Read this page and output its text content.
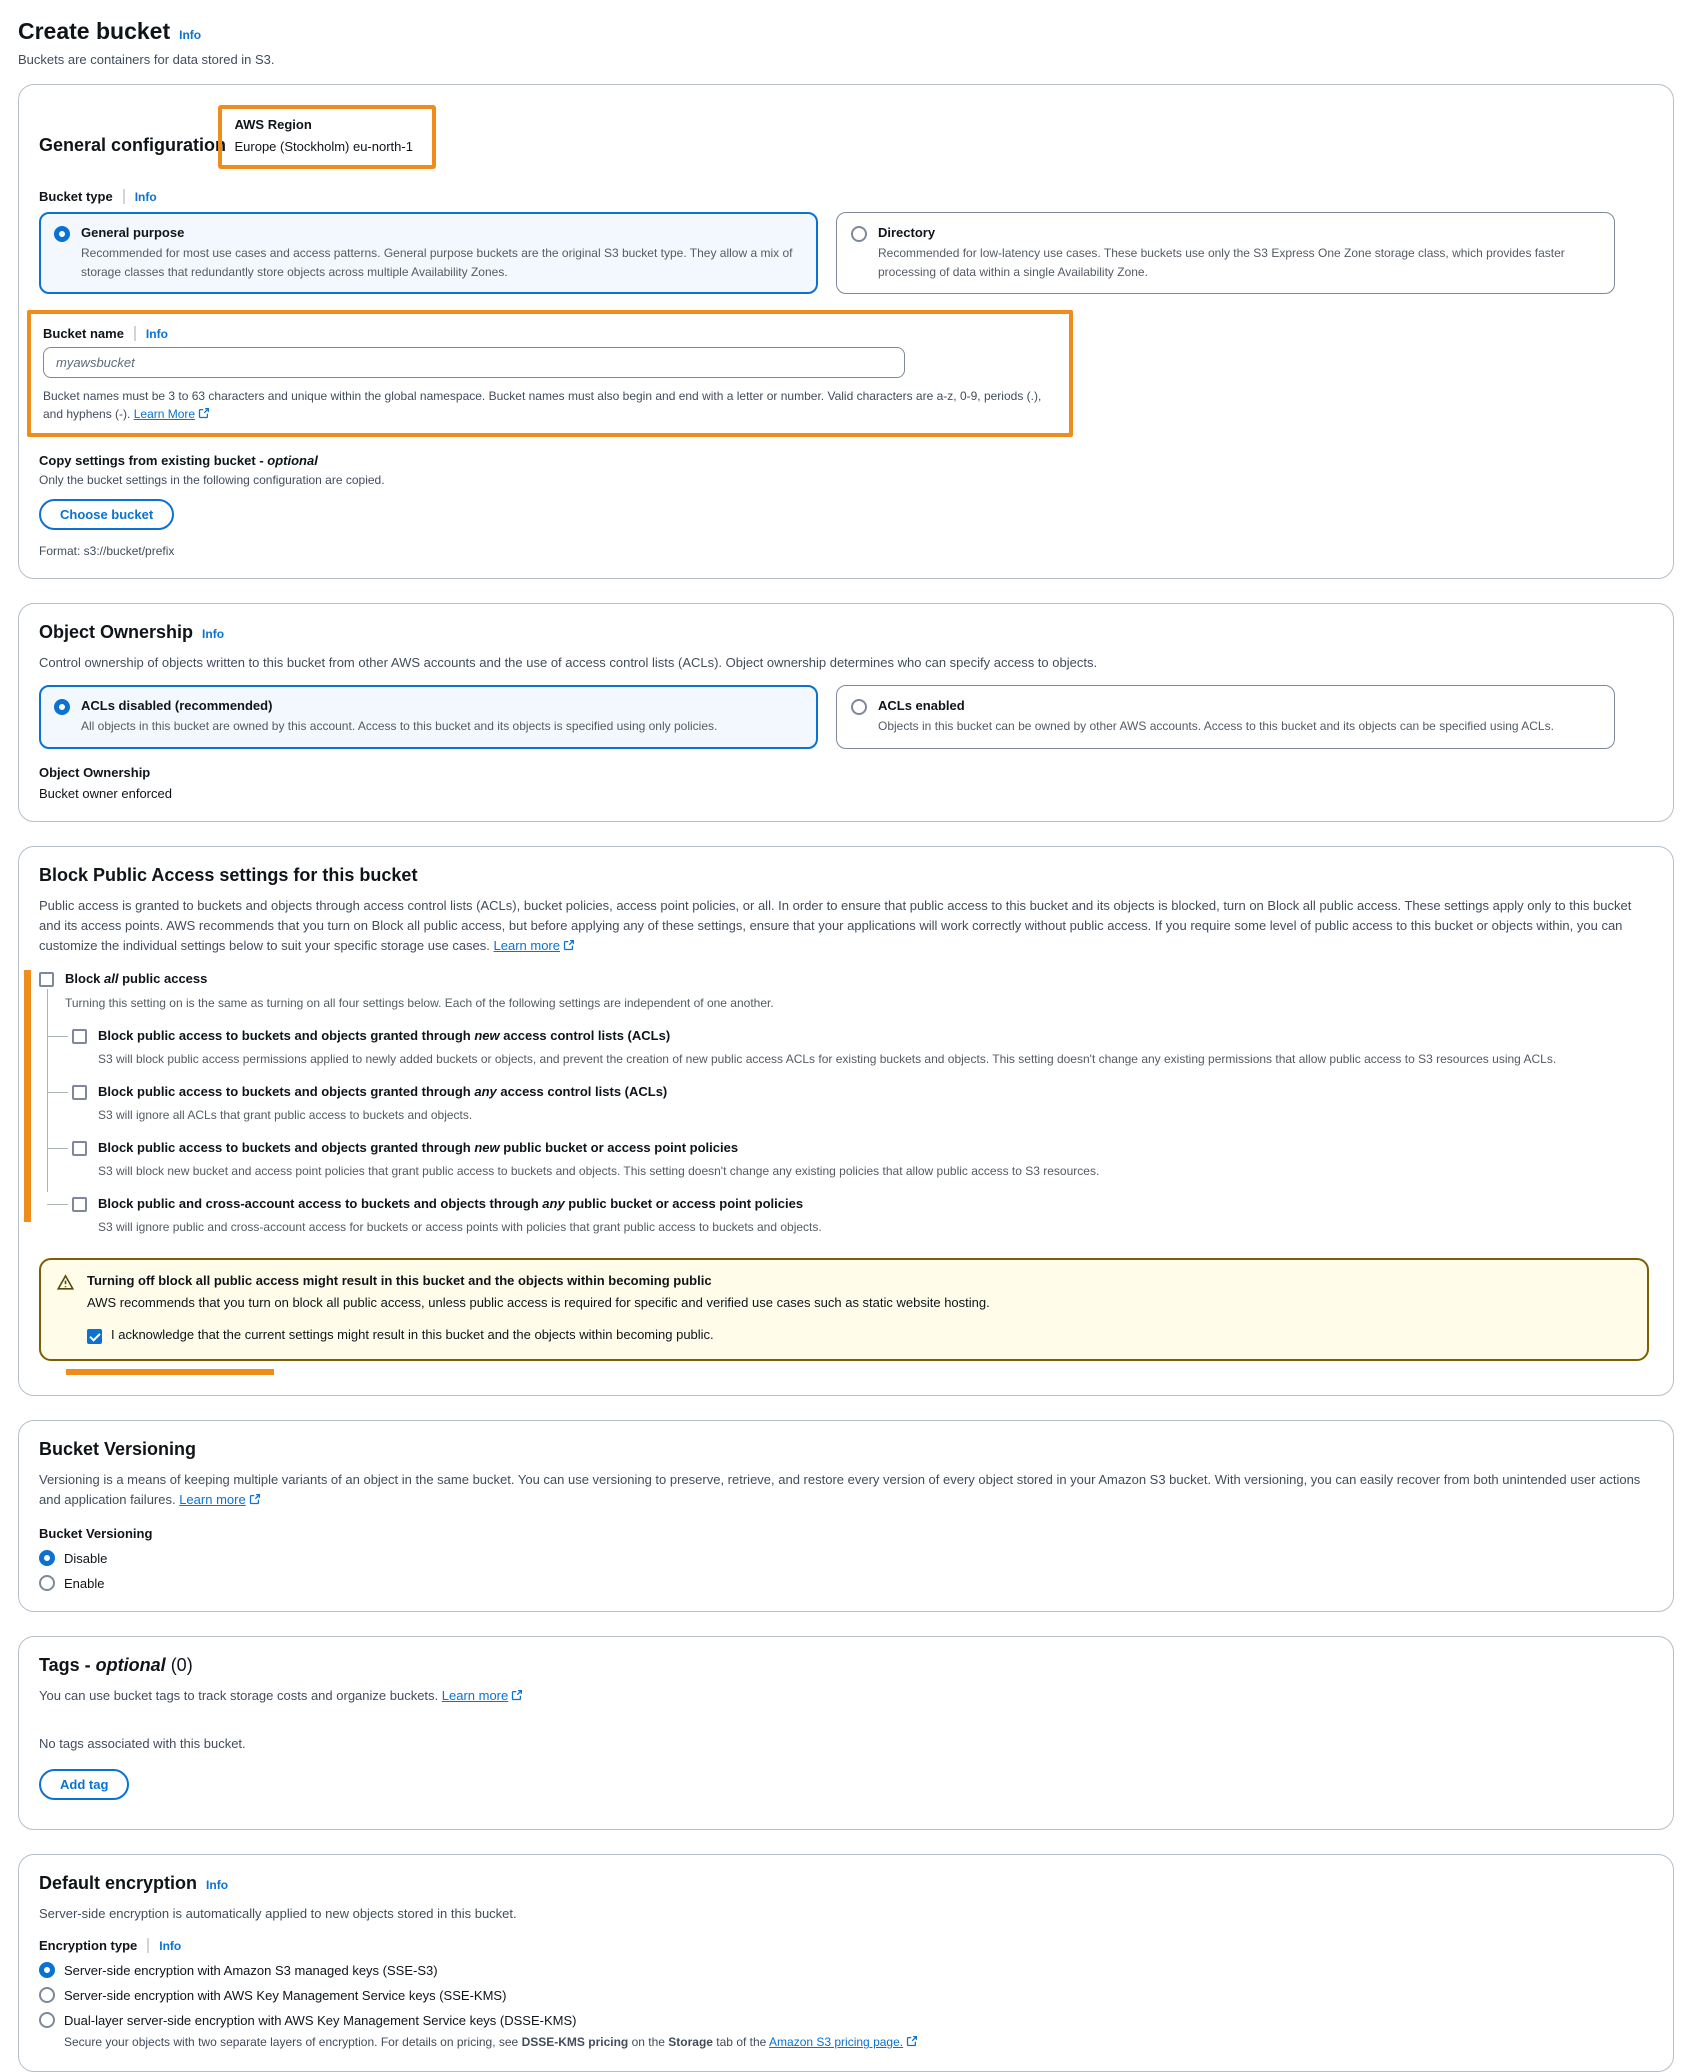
Create bucket Info
Buckets are containers for data stored in S3.
General configuration
AWS Region
Europe (Stockholm) eu-north-1
Bucket type Info
General purpose
Recommended for most use cases and access patterns. General purpose buckets are the original S3 bucket type. They allow a mix of storage classes that redundantly store objects across multiple Availability Zones.
Directory
Recommended for low-latency use cases. These buckets use only the S3 Express One Zone storage class, which provides faster processing of data within a single Availability Zone.
Bucket name Info
myawsbucket
Bucket names must be 3 to 63 characters and unique within the global namespace. Bucket names must also begin and end with a letter or number. Valid characters are a-z, 0-9, periods (.), and hyphens (-). Learn More
Copy settings from existing bucket - optional
Only the bucket settings in the following configuration are copied.
Choose bucket
Format: s3://bucket/prefix
Object Ownership Info
Control ownership of objects written to this bucket from other AWS accounts and the use of access control lists (ACLs). Object ownership determines who can specify access to objects.
ACLs disabled (recommended)
All objects in this bucket are owned by this account. Access to this bucket and its objects is specified using only policies.
ACLs enabled
Objects in this bucket can be owned by other AWS accounts. Access to this bucket and its objects can be specified using ACLs.
Object Ownership
Bucket owner enforced
Block Public Access settings for this bucket
Public access is granted to buckets and objects through access control lists (ACLs), bucket policies, access point policies, or all. In order to ensure that public access to this bucket and its objects is blocked, turn on Block all public access. These settings apply only to this bucket and its access points. AWS recommends that you turn on Block all public access, but before applying any of these settings, ensure that your applications will work correctly without public access. If you require some level of public access to this bucket or objects within, you can customize the individual settings below to suit your specific storage use cases. Learn more
Block all public access
Turning this setting on is the same as turning on all four settings below. Each of the following settings are independent of one another.
Block public access to buckets and objects granted through new access control lists (ACLs)
S3 will block public access permissions applied to newly added buckets or objects, and prevent the creation of new public access ACLs for existing buckets and objects. This setting doesn't change any existing permissions that allow public access to S3 resources using ACLs.
Block public access to buckets and objects granted through any access control lists (ACLs)
S3 will ignore all ACLs that grant public access to buckets and objects.
Block public access to buckets and objects granted through new public bucket or access point policies
S3 will block new bucket and access point policies that grant public access to buckets and objects. This setting doesn't change any existing policies that allow public access to S3 resources.
Block public and cross-account access to buckets and objects through any public bucket or access point policies
S3 will ignore public and cross-account access for buckets or access points with policies that grant public access to buckets and objects.
Turning off block all public access might result in this bucket and the objects within becoming public
AWS recommends that you turn on block all public access, unless public access is required for specific and verified use cases such as static website hosting.
I acknowledge that the current settings might result in this bucket and the objects within becoming public.
Bucket Versioning
Versioning is a means of keeping multiple variants of an object in the same bucket. You can use versioning to preserve, retrieve, and restore every version of every object stored in your Amazon S3 bucket. With versioning, you can easily recover from both unintended user actions and application failures. Learn more
Bucket Versioning
Disable
Enable
Tags - optional (0)
You can use bucket tags to track storage costs and organize buckets. Learn more
No tags associated with this bucket.
Add tag
Default encryption Info
Server-side encryption is automatically applied to new objects stored in this bucket.
Encryption type Info
Server-side encryption with Amazon S3 managed keys (SSE-S3)
Server-side encryption with AWS Key Management Service keys (SSE-KMS)
Dual-layer server-side encryption with AWS Key Management Service keys (DSSE-KMS)
Secure your objects with two separate layers of encryption. For details on pricing, see DSSE-KMS pricing on the Storage tab of the Amazon S3 pricing page.
